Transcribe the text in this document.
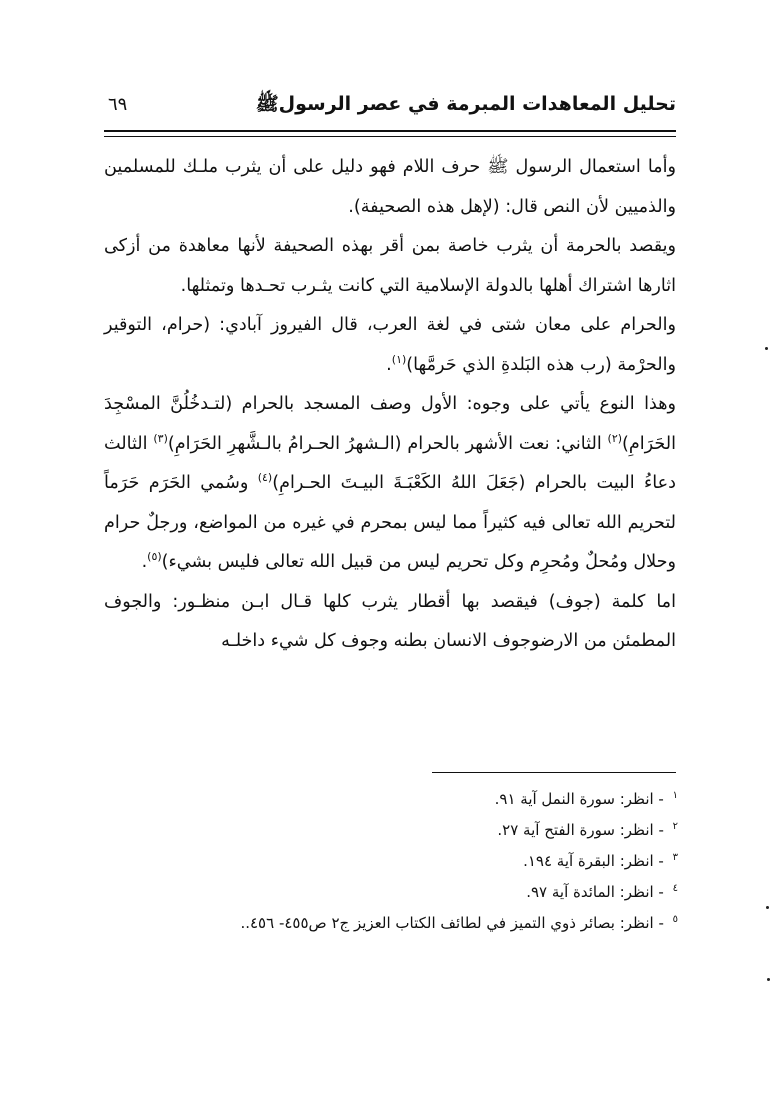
تحليل المعاهدات المبرمة في عصر الرسولﷺ
٦٩

وأما استعمال الرسول ﷺ حرف اللام فهو دليل على أن يثرب ملـك للمسلمين والذميين لأن النص قال: (لإهل هذه الصحيفة).

ويقصد بالحرمة أن يثرب خاصة بمن أقر بهذه الصحيفة لأنها معاهدة من أزكى اثارها اشتراك أهلها بالدولة الإسلامية التي كانت يثـرب تحـدها وتمثلها.

والحرام على معان شتى في لغة العرب، قال الفيروز آبادي: (حرام، التوقير والحرْمة (رب هذه البَلدةِ الذي حَرمَّها)$^{(١)}$.

وهذا النوع يأتي على وجوه: الأول وصف المسجد بالحرام (لتـدخُلُنَّ المسْجِدَ الحَرَامِ)$^{(٢)}$ الثاني: نعت الأشهر بالحرام (الـشهرُ الحـرامُ بالـشَّهرِ الحَرَامِ)$^{(٣)}$ الثالث دعاءُ البيت بالحرام (جَعَلَ اللهُ الكَعْبَـةَ البيـتَ الحـرامِ)$^{(٤)}$ وسُمي الحَرَم حَرَماً لتحريم الله تعالى فيه كثيراً مما ليس بمحرم في غيره من المواضع، ورجلٌ حرام وحلال ومُحلٌ ومُحرِم وكل تحريم ليس من قبيل الله تعالى فليس بشيء)$^{(٥)}$.

اما كلمة (جوف) فيقصد بها أقطار يثرب كلها قـال ابـن منظـور: والجوف المطمئن من الارضوجوف الانسان بطنه وجوف كل شيء داخلـه

$^١$ - انظر: سورة النمل آية ٩١.
$^٢$ - انظر: سورة الفتح آية ٢٧.
$^٣$ - انظر: البقرة آية ١٩٤.
$^٤$ - انظر: المائدة آية ٩٧.
$^٥$ - انظر: بصائر ذوي التميز في لطائف الكتاب العزيز ج٢ ص٤٥٥- ٤٥٦..
